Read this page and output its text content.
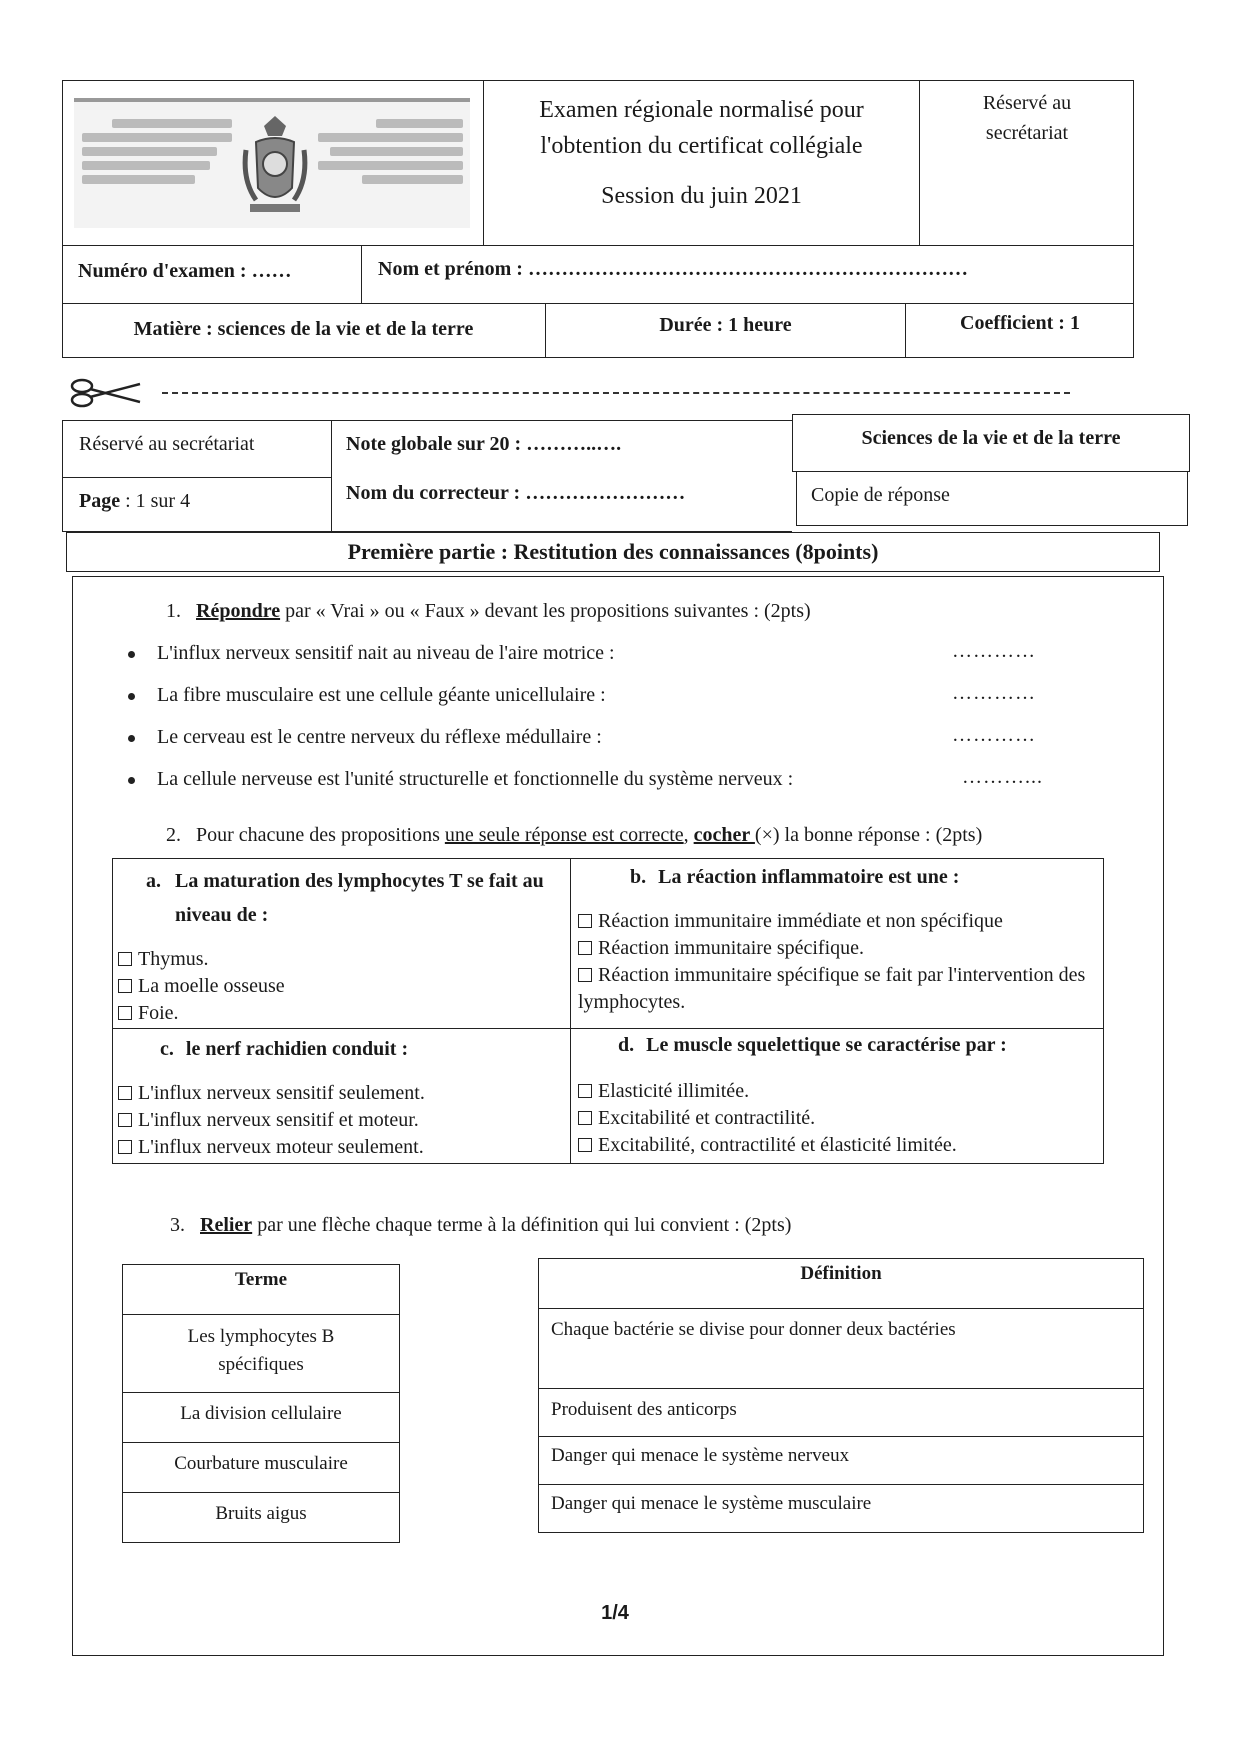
Examen régionale normalisé pour
l'obtention du certificat collégiale
Session du juin 2021
Réservé au secrétariat
Numéro d'examen : ……	Nom et prénom : …………………………………………………………
Matière : sciences de la vie et de la terre	Durée : 1 heure	Coefficient : 1
Réservé au secrétariat
Page : 1 sur 4
Note globale sur 20 : ………..….
Nom du correcteur : ……………………
Sciences de la vie et de la terre
Copie de réponse
Première partie : Restitution des connaissances (8points)
1. Répondre par « Vrai » ou « Faux » devant les propositions suivantes : (2pts)
L'influx nerveux sensitif nait au niveau de l'aire motrice :	…………
La fibre musculaire est une cellule géante unicellulaire :	…………
Le cerveau est le centre nerveux du réflexe médullaire :	…………
La cellule nerveuse est l'unité structurelle et fonctionnelle du système nerveux :	………...
2. Pour chacune des propositions une seule réponse est correcte, cocher (×) la bonne réponse : (2pts)
a. La maturation des lymphocytes T se fait au niveau de :
Thymus.
La moelle osseuse
Foie.
b. La réaction inflammatoire est une :
Réaction immunitaire immédiate et non spécifique
Réaction immunitaire spécifique.
Réaction immunitaire spécifique se fait par l'intervention des lymphocytes.
c. le nerf rachidien conduit :
L'influx nerveux sensitif seulement.
L'influx nerveux sensitif et moteur.
L'influx nerveux moteur seulement.
d. Le muscle squelettique se caractérise par :
Elasticité illimitée.
Excitabilité et contractilité.
Excitabilité, contractilité et élasticité limitée.
3. Relier par une flèche chaque terme à la définition qui lui convient : (2pts)
Terme
Les lymphocytes B spécifiques
La division cellulaire
Courbature musculaire
Bruits aigus
Définition
Chaque bactérie se divise pour donner deux bactéries
Produisent des anticorps
Danger qui menace le système nerveux
Danger qui menace le système musculaire
1/4
